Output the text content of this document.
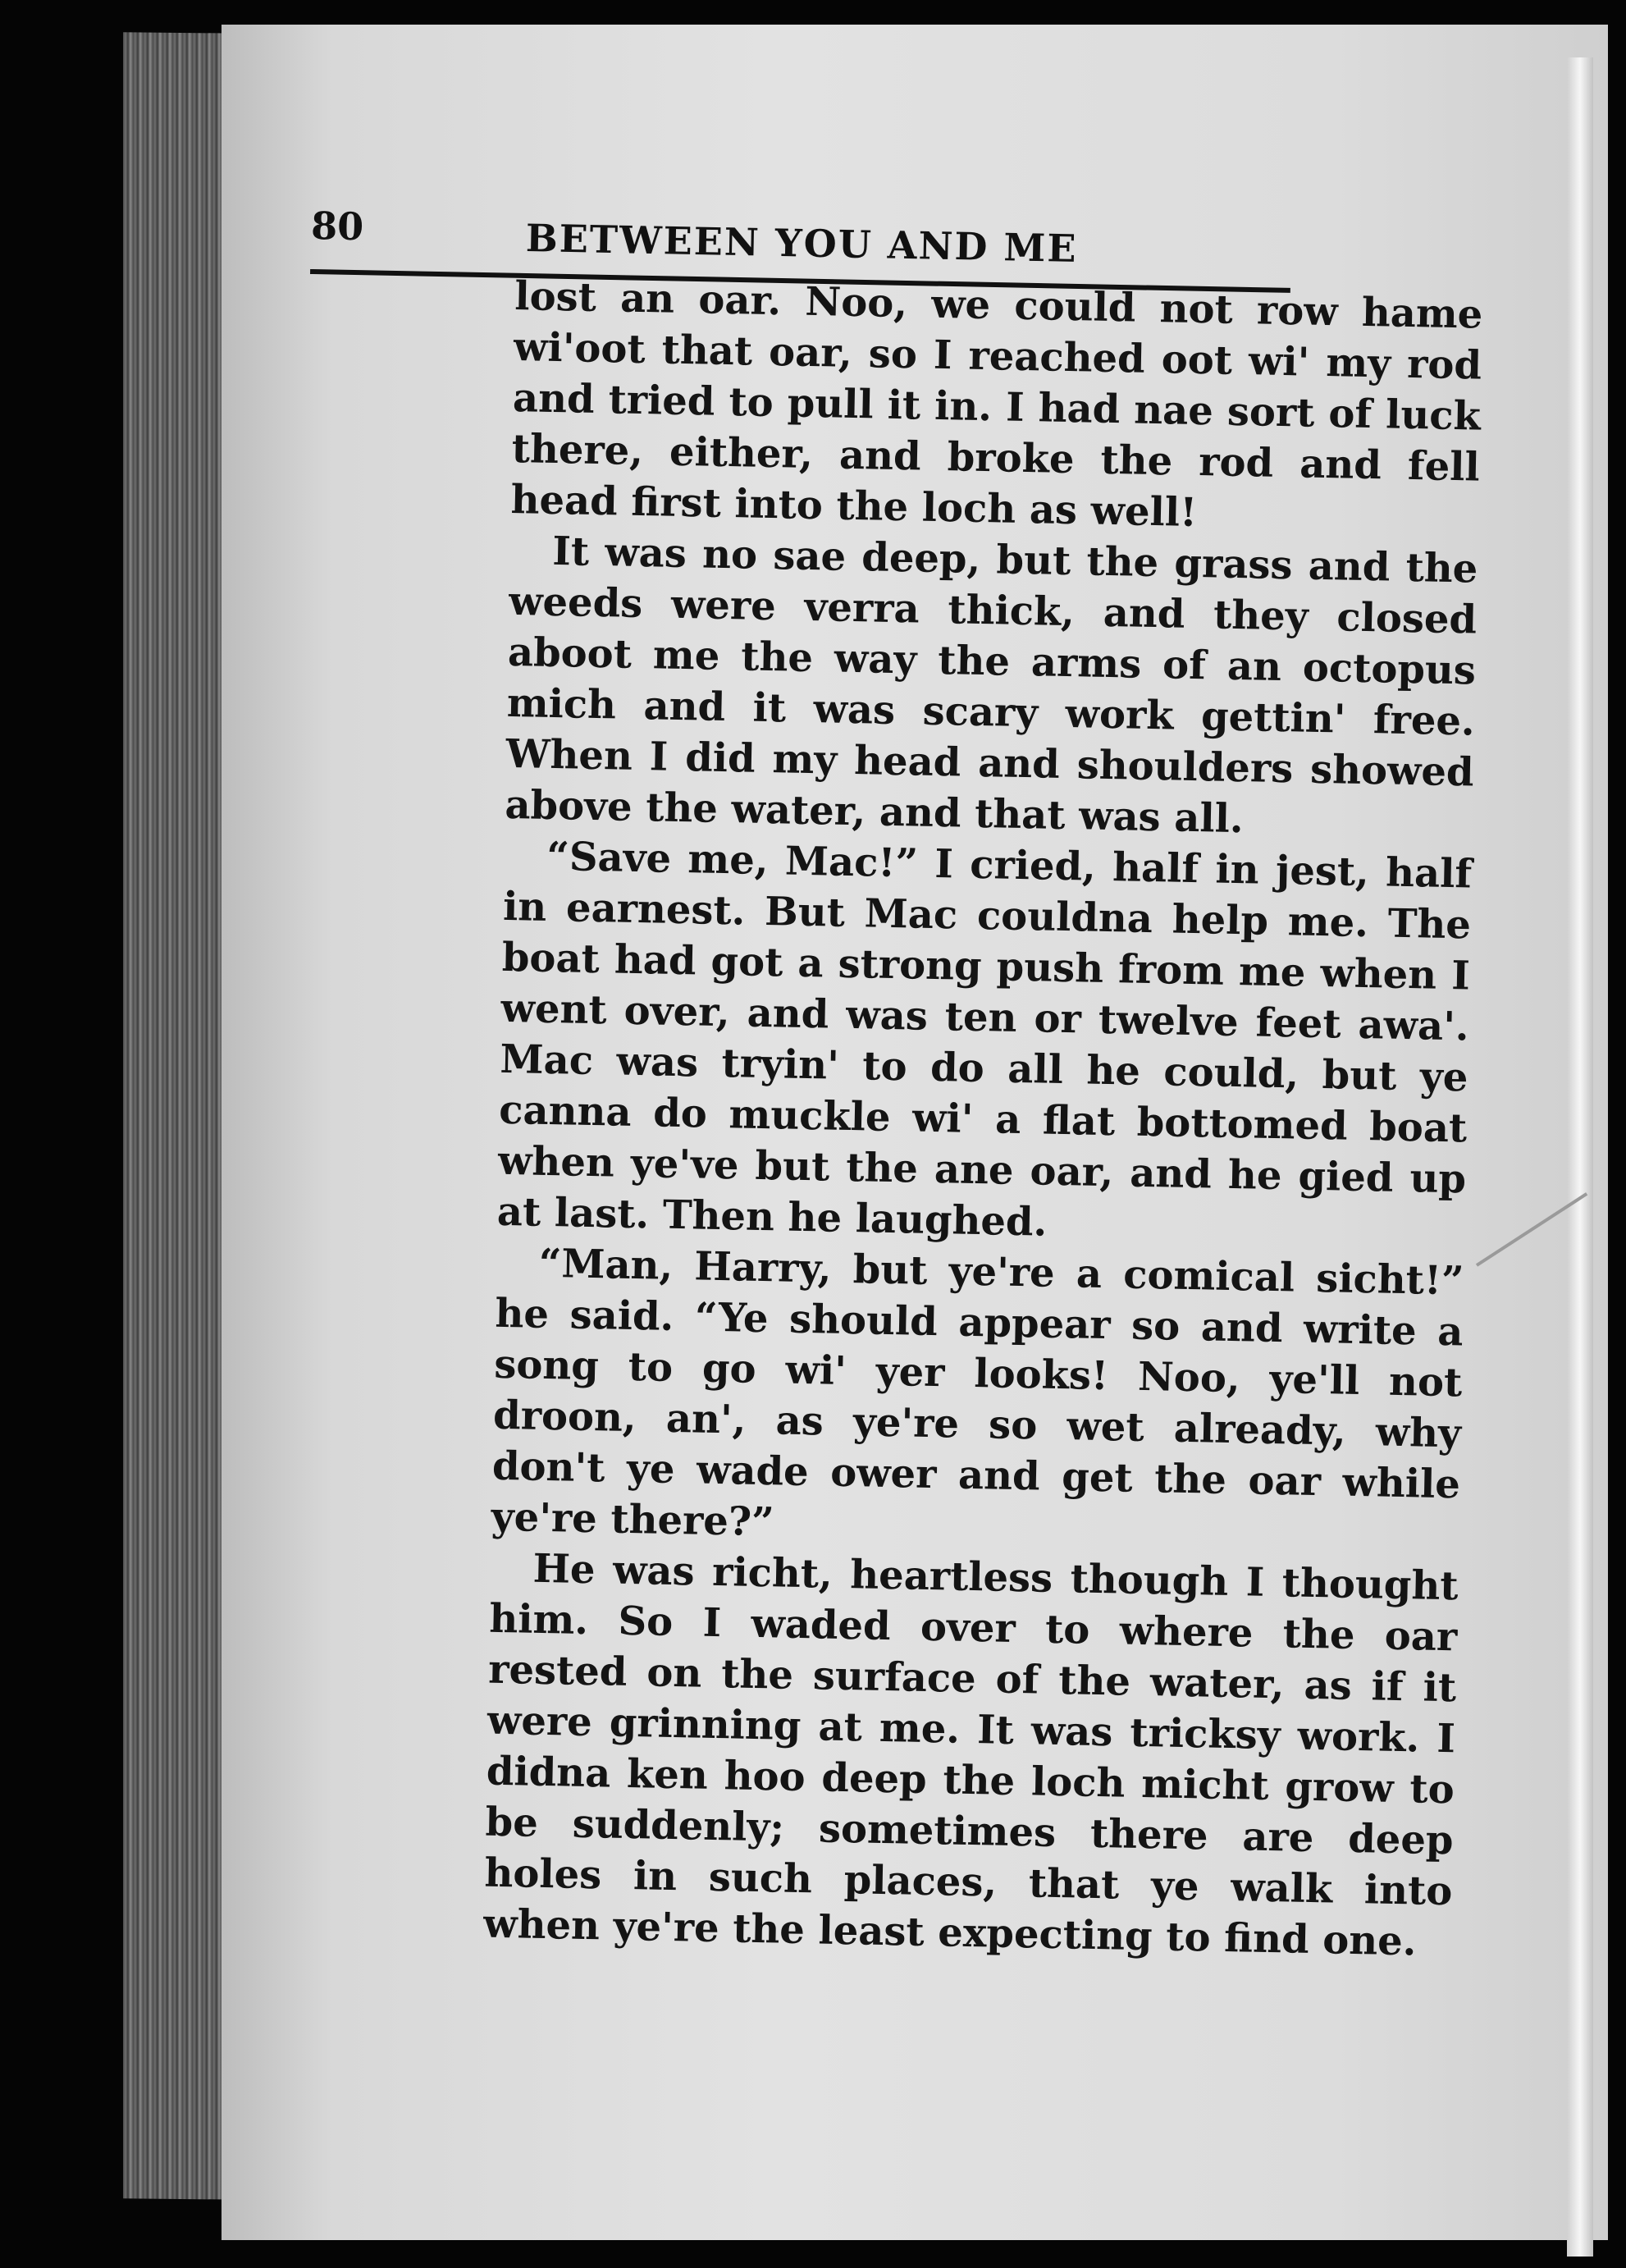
80	BETWEEN YOU AND ME

lost an oar. Noo, we could not row hame wi'oot that oar, so I reached oot wi' my rod and tried to pull it in. I had nae sort of luck there, either, and broke the rod and fell head first into the loch as well!

It was no sae deep, but the grass and the weeds were verra thick, and they closed aboot me the way the arms of an octopus mich and it was scary work gettin' free. When I did my head and shoulders showed above the water, and that was all.

“Save me, Mac!” I cried, half in jest, half in earnest. But Mac couldna help me. The boat had got a strong push from me when I went over, and was ten or twelve feet awa'. Mac was tryin' to do all he could, but ye canna do muckle wi' a flat bottomed boat when ye've but the ane oar, and he gied up at last. Then he laughed.

“Man, Harry, but ye're a comical sicht!” he said. “Ye should appear so and write a song to go wi' yer looks! Noo, ye'll not droon, an', as ye're so wet already, why don't ye wade ower and get the oar while ye're there?”

He was richt, heartless though I thought him. So I waded over to where the oar rested on the surface of the water, as if it were grinning at me. It was tricksy work. I didna ken hoo deep the loch micht grow to be suddenly; sometimes there are deep holes in such places, that ye walk into when ye're the least expecting to find one.
